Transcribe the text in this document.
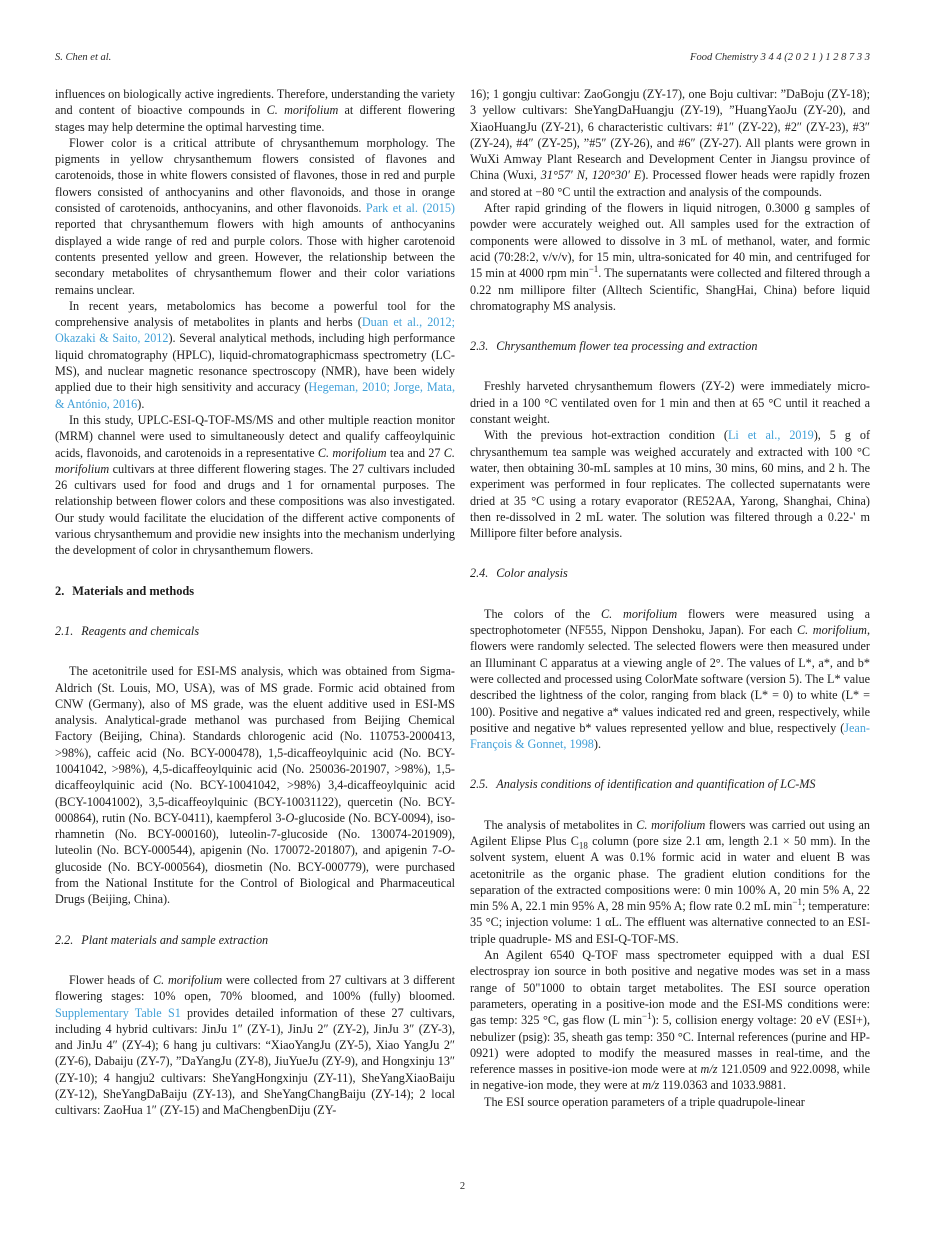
S. Chen et al.	Food Chemistry 3 4 4 (2 0 2 1 ) 1 2 8 7 3 3

influences on biologically active ingredients. Therefore, understanding the variety and content of bioactive compounds in C. morifolium at different flowering stages may help determine the optimal harvesting time.

Flower color is a critical attribute of chrysanthemum morphology. The pigments in yellow chrysanthemum flowers consisted of flavones and carotenoids, those in white flowers consisted of flavones, those in red and purple flowers consisted of anthocyanins and other flavonoids, and those in orange consisted of carotenoids, anthocyanins, and other flavonoids. Park et al. (2015) reported that chrysanthemum flowers with high amounts of anthocyanins displayed a wide range of red and purple colors. Those with higher carotenoid contents presented yellow and green. However, the relationship between the secondary metabolites of chrysanthemum flower and their color variations remains unclear.

In recent years, metabolomics has become a powerful tool for the comprehensive analysis of metabolites in plants and herbs (Duan et al., 2012; Okazaki & Saito, 2012). Several analytical methods, including high performance liquid chromatography (HPLC), liquid-chromatographicmass spectrometry (LC-MS), and nuclear magnetic resonance spectroscopy (NMR), have been widely applied due to their high sensitivity and accuracy (Hegeman, 2010; Jorge, Mata, & António, 2016).

In this study, UPLC-ESI-Q-TOF-MS/MS and other multiple reaction monitor (MRM) channel were used to simultaneously detect and qualify caffeoylquinic acids, flavonoids, and carotenoids in a representative C. morifolium tea and 27 C. morifolium cultivars at three different flowering stages. The 27 cultivars included 26 cultivars used for food and drugs and 1 for ornamental purposes. The relationship between flower colors and these compositions was also investigated. Our study would facilitate the elucidation of the different active components of various chrysanthemum and providie new insights into the mechanism underlying the development of color in chrysanthemum flowers.

2. Materials and methods
2.1. Reagents and chemicals

The acetonitrile used for ESI-MS analysis, which was obtained from Sigma-Aldrich (St. Louis, MO, USA), was of MS grade. Formic acid obtained from CNW (Germany), also of MS grade, was the eluent additive used in ESI-MS analysis. Analytical-grade methanol was purchased from Beijing Chemical Factory (Beijing, China). Standards chlorogenic acid (No. 110753-2000413, >98%), caffeic acid (No. BCY-000478), 1,5-dicaffeoylquinic acid (No. BCY-10041042, >98%), 4,5-dicaffeoylquinic acid (No. 250036-201907, >98%), 1,5-dicaffeoylquinic acid (No. BCY-10041042, >98%) 3,4-dicaffeoylquinic acid (BCY-10041002), 3,5-dicaffeoylquinic (BCY-10031122), quercetin (No. BCY-000864), rutin (No. BCY-0411), kaempferol 3-O-glucoside (No. BCY-0094), iso-rhamnetin (No. BCY-000160), luteolin-7-glucoside (No. 130074-201909), luteolin (No. BCY-000544), apigenin (No. 170072-201807), and apigenin 7-O-glucoside (No. BCY-000564), diosmetin (No. BCY-000779), were purchased from the National Institute for the Control of Biological and Pharmaceutical Drugs (Beijing, China).

2.2. Plant materials and sample extraction

Flower heads of C. morifolium were collected from 27 cultivars at 3 different flowering stages: 10% open, 70% bloomed, and 100% (fully) bloomed. Supplementary Table S1 provides detailed information of these 27 cultivars, including 4 hybrid cultivars: JinJu 1″ (ZY-1), JinJu 2″ (ZY-2), JinJu 3″ (ZY-3), and JinJu 4″ (ZY-4); 6 hang ju cultivars: “XiaoYangJu (ZY-5), Xiao YangJu 2″ (ZY-6), Dabaiju (ZY-7), ”DaYangJu (ZY-8), JiuYueJu (ZY-9), and Hongxinju 13″ (ZY-10); 4 hangju2 cultivars: SheYangHongxinju (ZY-11), SheYangXiaoBaiju (ZY-12), SheYangDaBaiju (ZY-13), and SheYangChangBaiju (ZY-14); 2 local cultivars: ZaoHua 1″ (ZY-15) and MaChengbenDiju (ZY-

16); 1 gongju cultivar: ZaoGongju (ZY-17), one Boju cultivar: ”DaBoju (ZY-18); 3 yellow cultivars: SheYangDaHuangju (ZY-19), ”HuangYaoJu (ZY-20), and XiaoHuangJu (ZY-21), 6 characteristic cultivars: #1″ (ZY-22), #2″ (ZY-23), #3″ (ZY-24), #4″ (ZY-25), ”#5″ (ZY-26), and #6″ (ZY-27). All plants were grown in WuXi Amway Plant Research and Development Center in Jiangsu province of China (Wuxi, 31°57′ N, 120°30′ E). Processed flower heads were rapidly frozen and stored at −80 °C until the extraction and analysis of the compounds.

After rapid grinding of the flowers in liquid nitrogen, 0.3000 g samples of powder were accurately weighed out. All samples used for the extraction of components were allowed to dissolve in 3 mL of methanol, water, and formic acid (70:28:2, v/v/v), for 15 min, ultra-sonicated for 40 min, and centrifuged for 15 min at 4000 rpm $\min^{-1}$. The supernatants were collected and filtered through a 0.22 nm millipore filter (Alltech Scientific, ShangHai, China) before liquid chromatography MS analysis.

2.3. Chrysanthemum flower tea processing and extraction

Freshly harveted chrysanthemum flowers (ZY-2) were immediately micro-dried in a 100 °C ventilated oven for 1 min and then at 65 °C until it reached a constant weight.

With the previous hot-extraction condition (Li et al., 2019), 5 g of chrysanthemum tea sample was weighed accurately and extracted with 100 °C water, then obtaining 30-mL samples at 10 mins, 30 mins, 60 mins, and 2 h. The experiment was performed in four replicates. The collected supernatants were dried at 35 °C using a rotary evaporator (RE52AA, Yarong, Shanghai, China) then re-dissolved in 2 mL water. The solution was filtered through a 0.22-' m Millipore filter before analysis.

2.4. Color analysis

The colors of the C. morifolium flowers were measured using a spectrophotometer (NF555, Nippon Denshoku, Japan). For each C. morifolium, flowers were randomly selected. The selected flowers were then measured under an Illuminant C apparatus at a viewing angle of 2°. The values of L*, a*, and b* were collected and processed using ColorMate software (version 5). The L* value described the lightness of the color, ranging from black (L* = 0) to white (L* = 100). Positive and negative a* values indicated red and green, respectively, while positive and negative b* values represented yellow and blue, respectively (Jean-François & Gonnet, 1998).

2.5. Analysis conditions of identification and quantification of LC-MS

The analysis of metabolites in C. morifolium flowers was carried out using an Agilent Elipse Plus $C_{18}$ column (pore size 2.1 αm, length 2.1 × 50 mm). In the solvent system, eluent A was 0.1% formic acid in water and eluent B was acetonitrile as the organic phase. The gradient elution conditions for the separation of the extracted compositions were: 0 min 100% A, 20 min 5% A, 22 min 5% A, 22.1 min 95% A, 28 min 95% A; flow rate 0.2 mL $\min^{-1}$; temperature: 35 °C; injection volume: 1 αL. The effluent was alternative connected to an ESI-triple quadruple- MS and ESI-Q-TOF-MS.

An Agilent 6540 Q-TOF mass spectrometer equipped with a dual ESI electrospray ion source in both positive and negative modes was set in a mass range of 50"1000 to obtain target metabolites. The ESI source operation parameters, operating in a positive-ion mode and the ESI-MS conditions were: gas temp: 325 °C, gas flow (L $\min^{-1}$): 5, collision energy voltage: 20 eV (ESI+), nebulizer (psig): 35, sheath gas temp: 350 °C. Internal references (purine and HP-0921) were adopted to modify the measured masses in real-time, and the reference masses in positive-ion mode were at m/z 121.0509 and 922.0098, while in negative-ion mode, they were at m/z 119.0363 and 1033.9881.

The ESI source operation parameters of a triple quadrupole-linear

2
